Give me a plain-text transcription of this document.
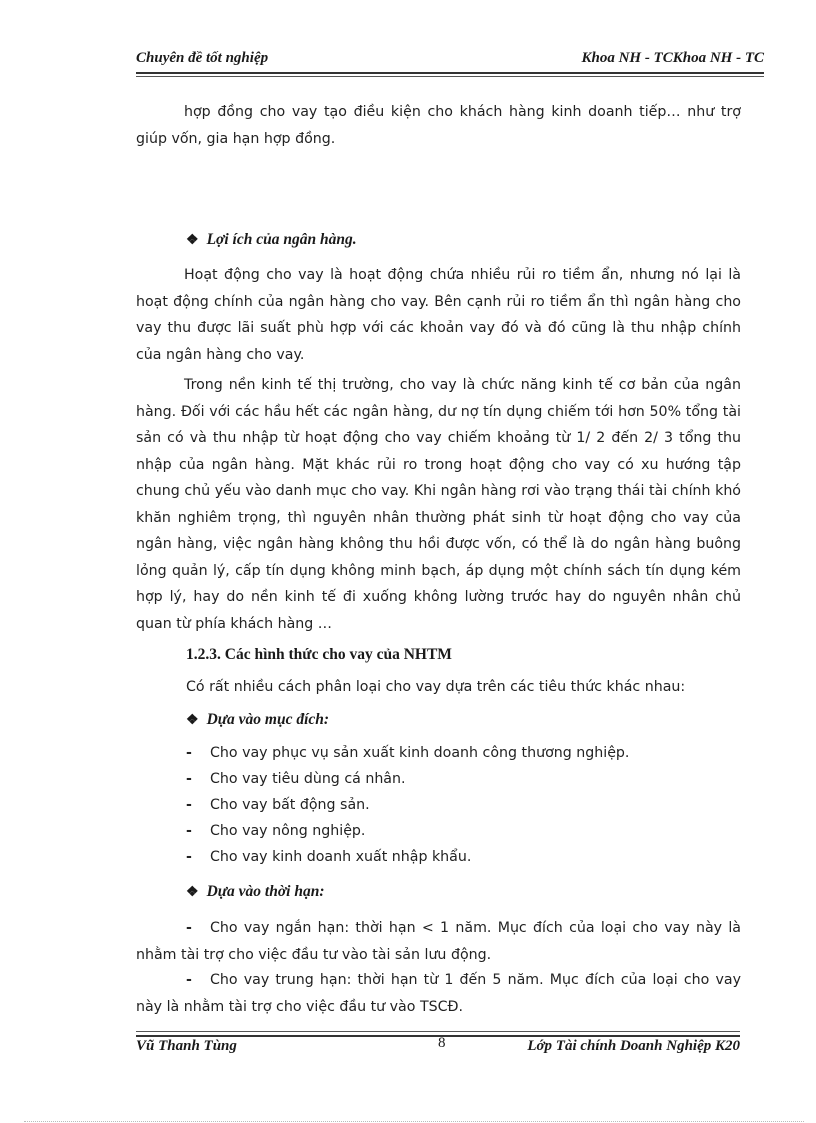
Chuyên đề tốt nghiệp	Khoa NH - TCKhoa NH - TC
hợp đồng cho vay tạo điều kiện cho khách hàng kinh doanh tiếp… như trợ giúp vốn, gia hạn hợp đồng.
❖ Lợi ích của ngân hàng.
Hoạt động cho vay là hoạt động chứa nhiều rủi ro tiềm ẩn, nhưng nó lại là hoạt động chính của ngân hàng cho vay. Bên cạnh rủi ro tiềm ẩn thì ngân hàng cho vay thu được lãi suất phù hợp với các khoản vay đó và đó cũng là thu nhập chính của ngân hàng cho vay.
Trong nền kinh tế thị trường, cho vay là chức năng kinh tế cơ bản của ngân hàng. Đối với các hầu hết các ngân hàng, dư nợ tín dụng chiếm tới hơn 50% tổng tài sản có và thu nhập từ hoạt động cho vay chiếm khoảng từ 1/ 2 đến 2/ 3 tổng thu nhập của ngân hàng. Mặt khác rủi ro trong hoạt động cho vay có xu hướng tập chung chủ yếu vào danh mục cho vay. Khi ngân hàng rơi vào trạng thái tài chính khó khăn nghiêm trọng, thì nguyên nhân thường phát sinh từ hoạt động cho vay của ngân hàng, việc ngân hàng không thu hồi được vốn, có thể là do ngân hàng buông lỏng quản lý, cấp tín dụng không minh bạch, áp dụng một chính sách tín dụng kém hợp lý, hay do nền kinh tế đi xuống không lường trước hay do nguyên nhân chủ quan từ phía khách hàng …
1.2.3. Các hình thức cho vay của NHTM
Có rất nhiều cách phân loại cho vay dựa trên các tiêu thức khác nhau:
❖ Dựa vào mục đích:
- Cho vay phục vụ sản xuất kinh doanh công thương nghiệp.
- Cho vay tiêu dùng cá nhân.
- Cho vay bất động sản.
- Cho vay nông nghiệp.
- Cho vay kinh doanh xuất nhập khẩu.
❖ Dựa vào thời hạn:
- Cho vay ngắn hạn: thời hạn < 1 năm. Mục đích của loại cho vay này là nhằm tài trợ cho việc đầu tư vào tài sản lưu động.
- Cho vay trung hạn: thời hạn từ 1 đến 5 năm. Mục đích của loại cho vay này là nhằm tài trợ cho việc đầu tư vào TSCĐ.
Vũ Thanh Tùng	8	Lớp Tài chính Doanh Nghiệp K20
